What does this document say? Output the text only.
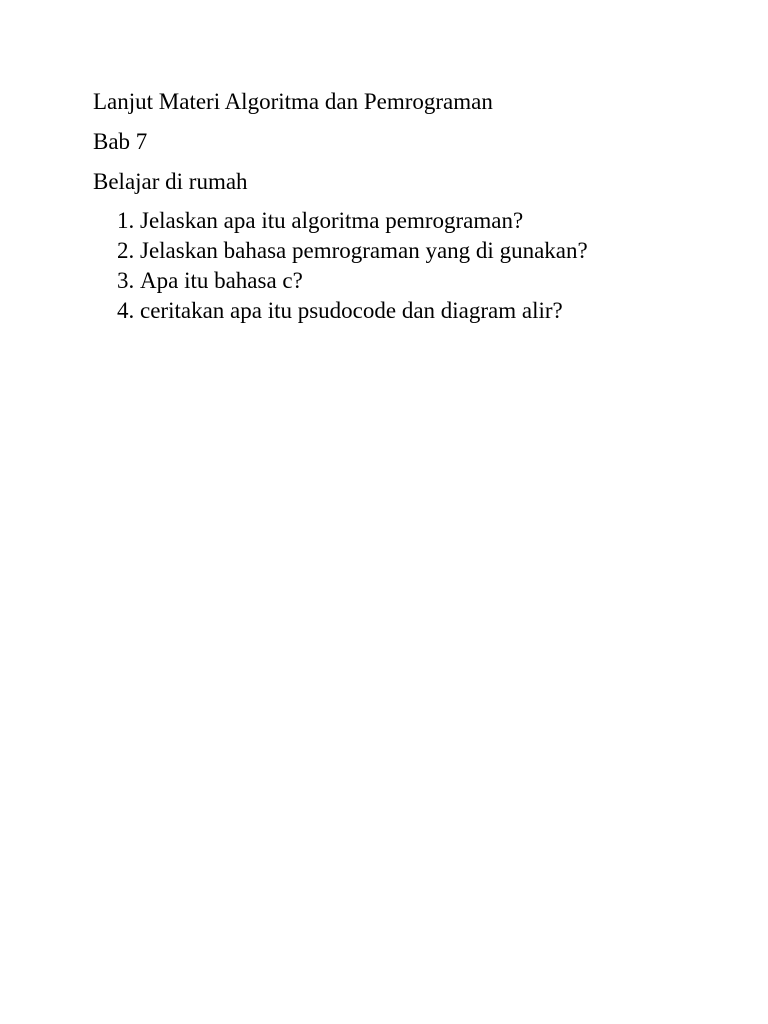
Lanjut Materi Algoritma dan Pemrograman

Bab 7

Belajar di rumah

1. Jelaskan apa itu algoritma pemrograman?
2. Jelaskan bahasa pemrograman yang di gunakan?
3. Apa itu bahasa c?
4. ceritakan apa itu psudocode dan diagram alir?
